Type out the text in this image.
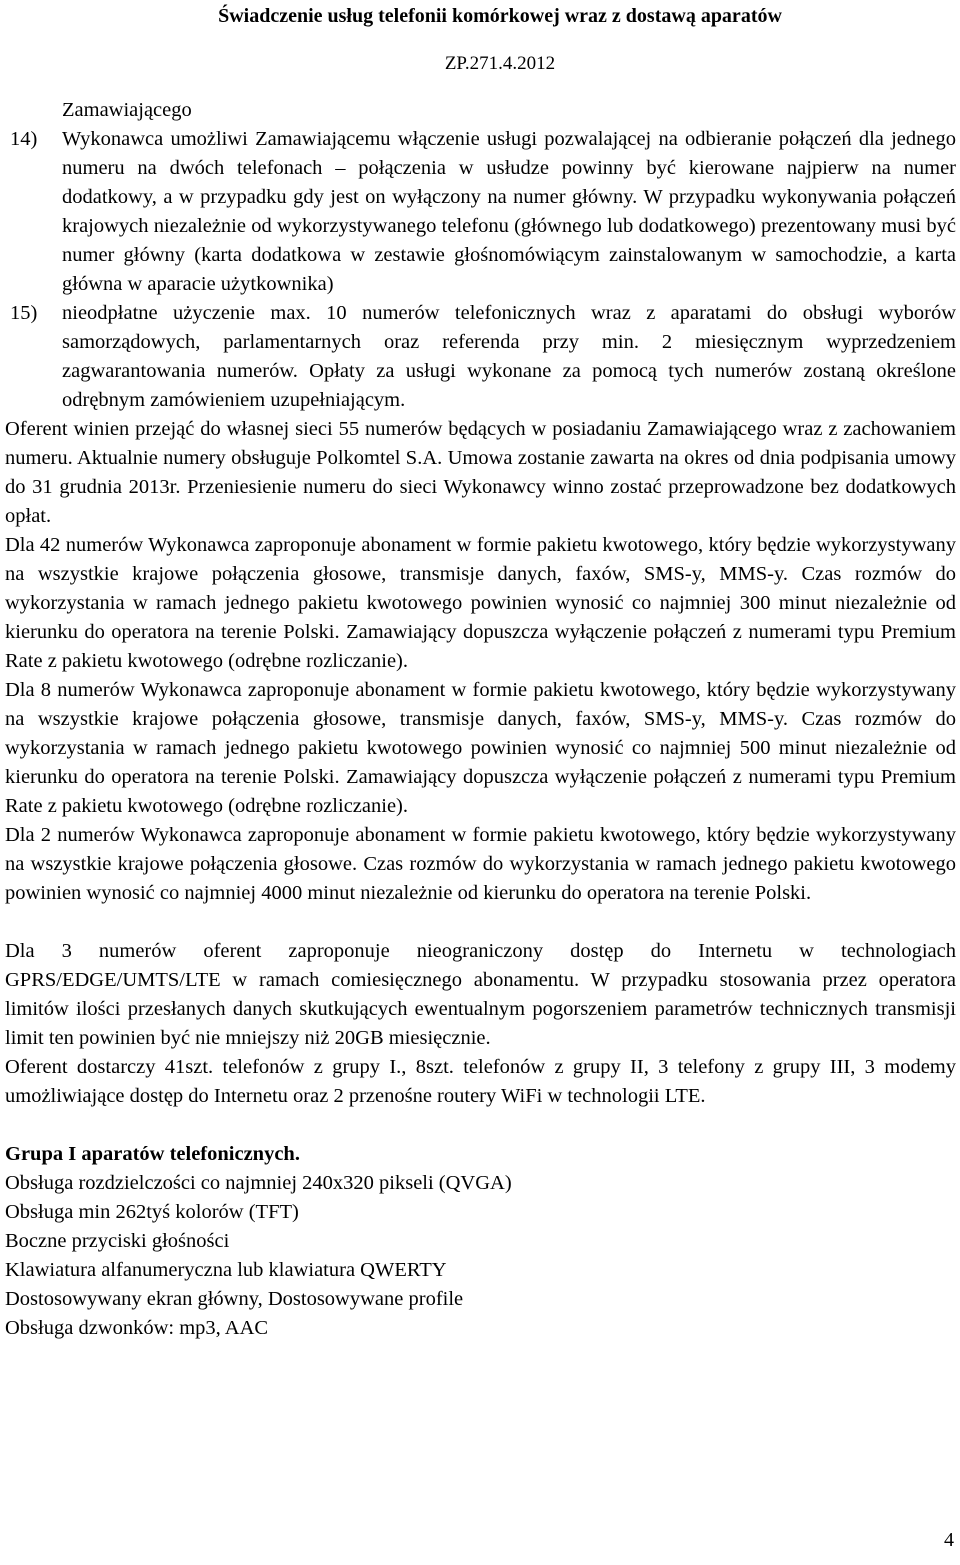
Świadczenie usług telefonii komórkowej wraz z dostawą aparatów
ZP.271.4.2012

Zamawiającego

14) Wykonawca umożliwi Zamawiającemu włączenie usługi pozwalającej na odbieranie połączeń dla jednego numeru na dwóch telefonach – połączenia w usłudze powinny być kierowane najpierw na numer dodatkowy, a w przypadku gdy jest on wyłączony na numer główny. W przypadku wykonywania połączeń krajowych niezależnie od wykorzystywanego telefonu (głównego lub dodatkowego) prezentowany musi być numer główny (karta dodatkowa w zestawie głośnomówiącym zainstalowanym w samochodzie, a karta główna w aparacie użytkownika)

15) nieodpłatne użyczenie max. 10 numerów telefonicznych wraz z aparatami do obsługi wyborów samorządowych, parlamentarnych oraz referenda przy min. 2 miesięcznym wyprzedzeniem zagwarantowania numerów. Opłaty za usługi wykonane za pomocą tych numerów zostaną określone odrębnym zamówieniem uzupełniającym.

Oferent winien przejąć do własnej sieci 55 numerów będących w posiadaniu Zamawiającego wraz z zachowaniem numeru. Aktualnie numery obsługuje Polkomtel S.A. Umowa zostanie zawarta na okres od dnia podpisania umowy do 31 grudnia 2013r. Przeniesienie numeru do sieci Wykonawcy winno zostać przeprowadzone bez dodatkowych opłat.

Dla 42 numerów Wykonawca zaproponuje abonament w formie pakietu kwotowego, który będzie wykorzystywany na wszystkie krajowe połączenia głosowe, transmisje danych, faxów, SMS-y, MMS-y. Czas rozmów do wykorzystania w ramach jednego pakietu kwotowego powinien wynosić co najmniej 300 minut niezależnie od kierunku do operatora na terenie Polski. Zamawiający dopuszcza wyłączenie połączeń z numerami typu Premium Rate z pakietu kwotowego (odrębne rozliczanie).

Dla 8 numerów Wykonawca zaproponuje abonament w formie pakietu kwotowego, który będzie wykorzystywany na wszystkie krajowe połączenia głosowe, transmisje danych, faxów, SMS-y, MMS-y. Czas rozmów do wykorzystania w ramach jednego pakietu kwotowego powinien wynosić co najmniej 500 minut niezależnie od kierunku do operatora na terenie Polski. Zamawiający dopuszcza wyłączenie połączeń z numerami typu Premium Rate z pakietu kwotowego (odrębne rozliczanie).

Dla 2 numerów Wykonawca zaproponuje abonament w formie pakietu kwotowego, który będzie wykorzystywany na wszystkie krajowe połączenia głosowe. Czas rozmów do wykorzystania w ramach jednego pakietu kwotowego powinien wynosić co najmniej 4000 minut niezależnie od kierunku do operatora na terenie Polski.

Dla 3 numerów oferent zaproponuje nieograniczony dostęp do Internetu w technologiach GPRS/EDGE/UMTS/LTE w ramach comiesięcznego abonamentu. W przypadku stosowania przez operatora limitów ilości przesłanych danych skutkujących ewentualnym pogorszeniem parametrów technicznych transmisji limit ten powinien być nie mniejszy niż 20GB miesięcznie.

Oferent dostarczy 41szt. telefonów z grupy I., 8szt. telefonów z grupy II, 3 telefony z grupy III, 3 modemy umożliwiające dostęp do Internetu oraz 2 przenośne routery WiFi w technologii LTE.

Grupa I aparatów telefonicznych.

Obsługa rozdzielczości co najmniej 240x320 pikseli (QVGA)
Obsługa min 262tyś kolorów (TFT)
Boczne przyciski głośności
Klawiatura alfanumeryczna lub klawiatura QWERTY
Dostosowywany ekran główny, Dostosowywane profile
Obsługa dzwonków: mp3, AAC
4
